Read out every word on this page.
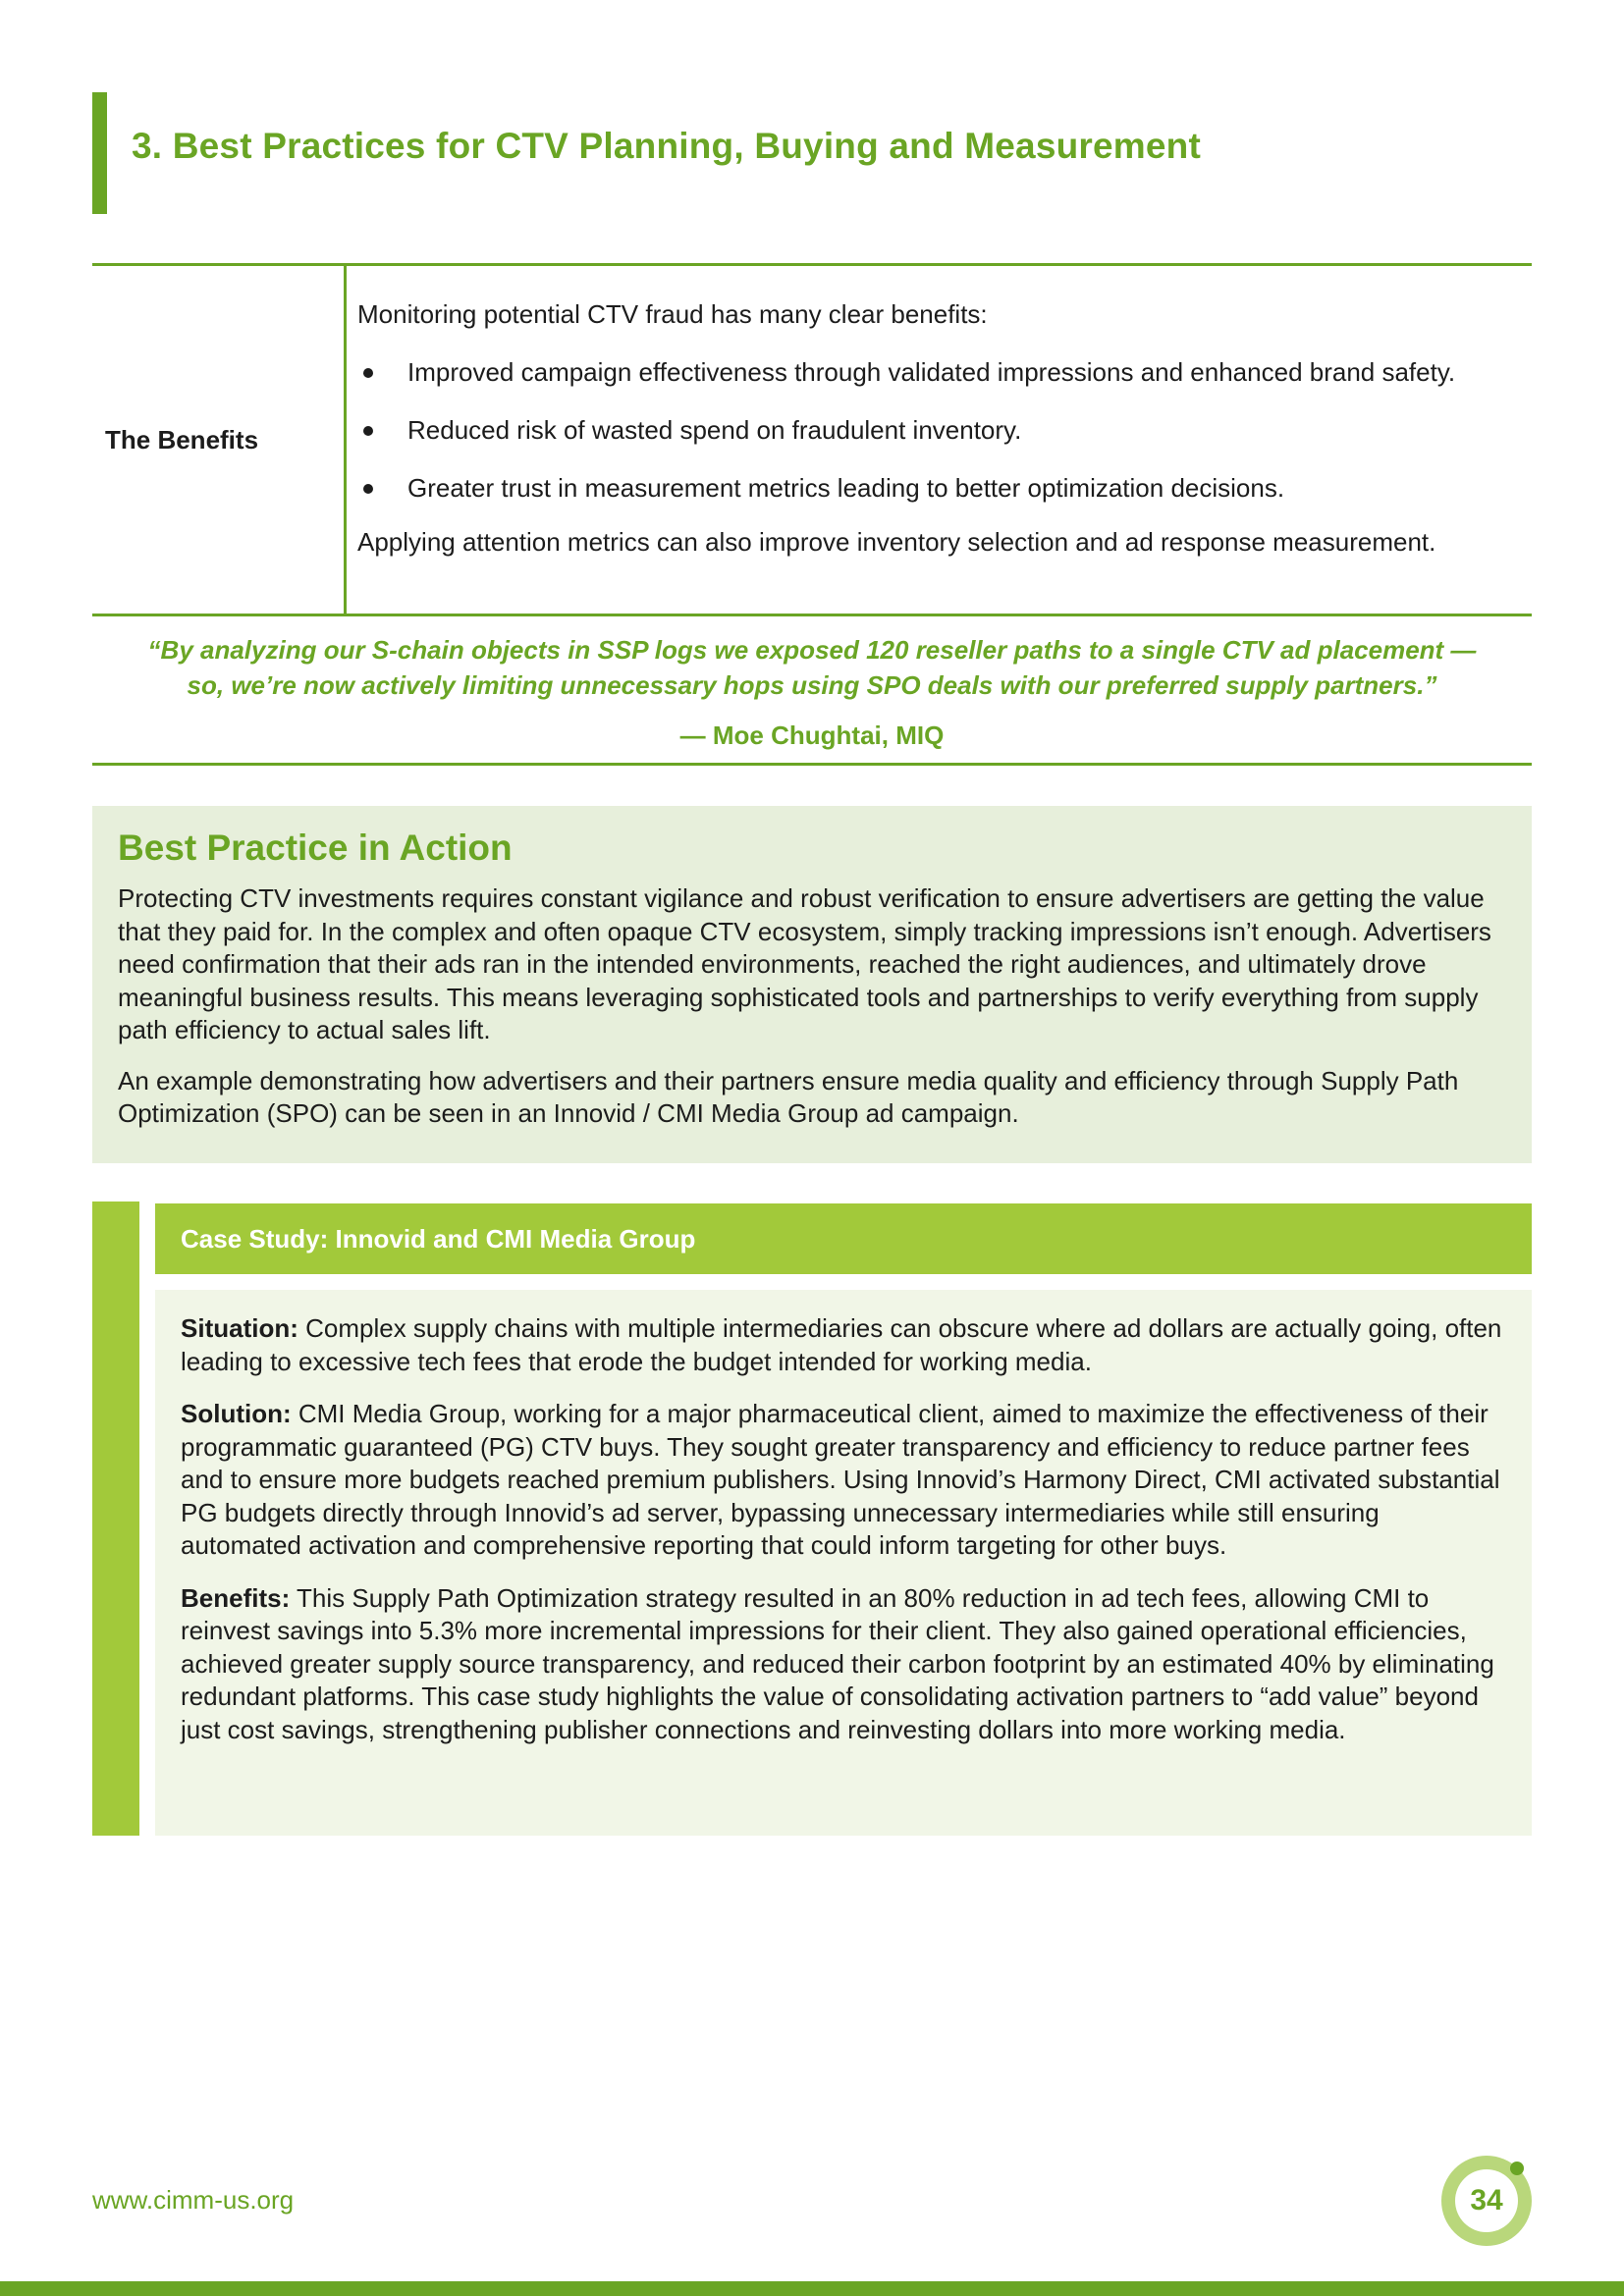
3. Best Practices for CTV Planning, Buying and Measurement
The Benefits

Monitoring potential CTV fraud has many clear benefits:

Improved campaign effectiveness through validated impressions and enhanced brand safety.
Reduced risk of wasted spend on fraudulent inventory.
Greater trust in measurement metrics leading to better optimization decisions.

Applying attention metrics can also improve inventory selection and ad response measurement.

“By analyzing our S-chain objects in SSP logs we exposed 120 reseller paths to a single CTV ad placement —

so, we’re now actively limiting unnecessary hops using SPO deals with our preferred supply partners.”

— Moe Chughtai, MIQ
Best Practice in Action

Protecting CTV investments requires constant vigilance and robust verification to ensure advertisers are getting the value that they paid for. In the complex and often opaque CTV ecosystem, simply tracking impressions isn’t enough. Advertisers need confirmation that their ads ran in the intended environments, reached the right audiences, and ultimately drove meaningful business results. This means leveraging sophisticated tools and partnerships to verify everything from supply path efficiency to actual sales lift.

An example demonstrating how advertisers and their partners ensure media quality and efficiency through Supply Path Optimization (SPO) can be seen in an Innovid / CMI Media Group ad campaign.

Case Study: Innovid and CMI Media Group

Situation: Complex supply chains with multiple intermediaries can obscure where ad dollars are actually going, often leading to excessive tech fees that erode the budget intended for working media.

Solution: CMI Media Group, working for a major pharmaceutical client, aimed to maximize the effectiveness of their programmatic guaranteed (PG) CTV buys. They sought greater transparency and efficiency to reduce partner fees and to ensure more budgets reached premium publishers. Using Innovid’s Harmony Direct, CMI activated substantial PG budgets directly through Innovid’s ad server, bypassing unnecessary intermediaries while still ensuring automated activation and comprehensive reporting that could inform targeting for other buys.

Benefits: This Supply Path Optimization strategy resulted in an 80% reduction in ad tech fees, allowing CMI to reinvest savings into 5.3% more incremental impressions for their client. They also gained operational efficiencies, achieved greater supply source transparency, and reduced their carbon footprint by an estimated 40% by eliminating redundant platforms. This case study highlights the value of consolidating activation partners to “add value” beyond just cost savings, strengthening publisher connections and reinvesting dollars into more working media.

www.cimm-us.org	34
